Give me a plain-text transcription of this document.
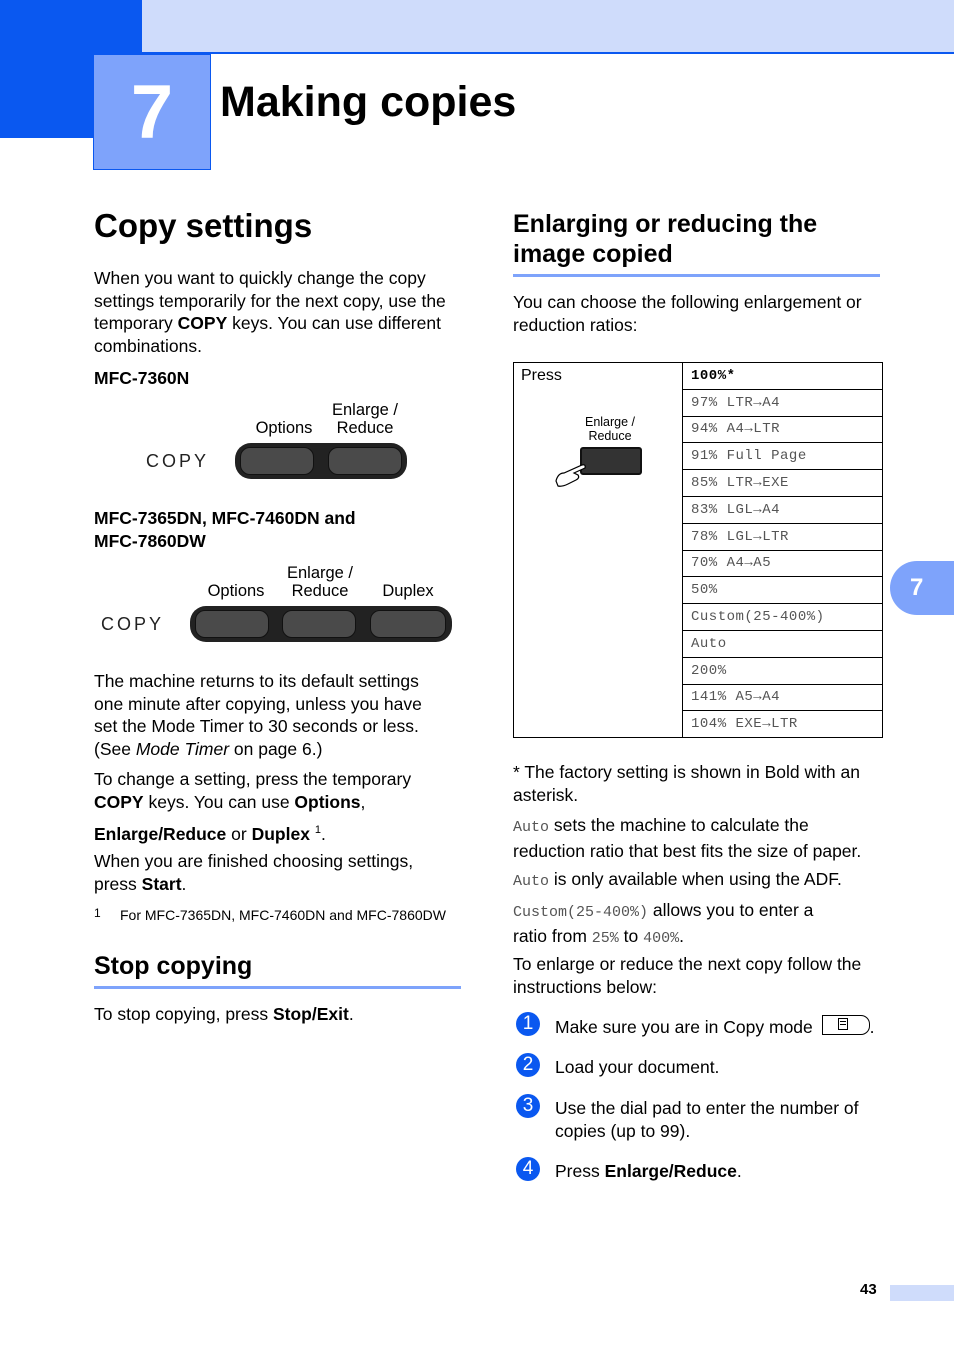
7	Making copies
7
Copy settings
When you want to quickly change the copy
settings temporarily for the next copy, use the
temporary COPY keys. You can use different
combinations.
MFC-7360N
Options
Enlarge /
Reduce
COPY
MFC-7365DN, MFC-7460DN and
MFC-7860DW
Options
Enlarge /
Reduce	Duplex
COPY
The machine returns to its default settings
one minute after copying, unless you have
set the Mode Timer to 30 seconds or less.
(See Mode Timer on page 6.)
To change a setting, press the temporary
COPY keys. You can use Options,
Enlarge/Reduce or Duplex $^1$.
When you are finished choosing settings,
press Start.
1 For MFC-7365DN, MFC-7460DN and MFC-7860DW
Stop copying
To stop copying, press Stop/Exit.
Enlarging or reducing the
image copied
You can choose the following enlargement or
reduction ratios:
Press
Enlarge /
Reduce
	100%*
97% LTR→A4
94% A4→LTR
91% Full Page
85% LTR→EXE
83% LGL→A4
78% LGL→LTR
70% A4→A5
50%
Custom(25-400%)
Auto
200%
141% A5→A4
104% EXE→LTR
* The factory setting is shown in Bold with an
asterisk.
Auto sets the machine to calculate the
reduction ratio that best fits the size of paper.
Auto is only available when using the ADF.
Custom(25-400%) allows you to enter a
ratio from 25% to 400%.
To enlarge or reduce the next copy follow the
instructions below:
1	Make sure you are in Copy mode	.
2	Load your document.
3	Use the dial pad to enter the number of
copies (up to 99).
4	Press Enlarge/Reduce.
43
